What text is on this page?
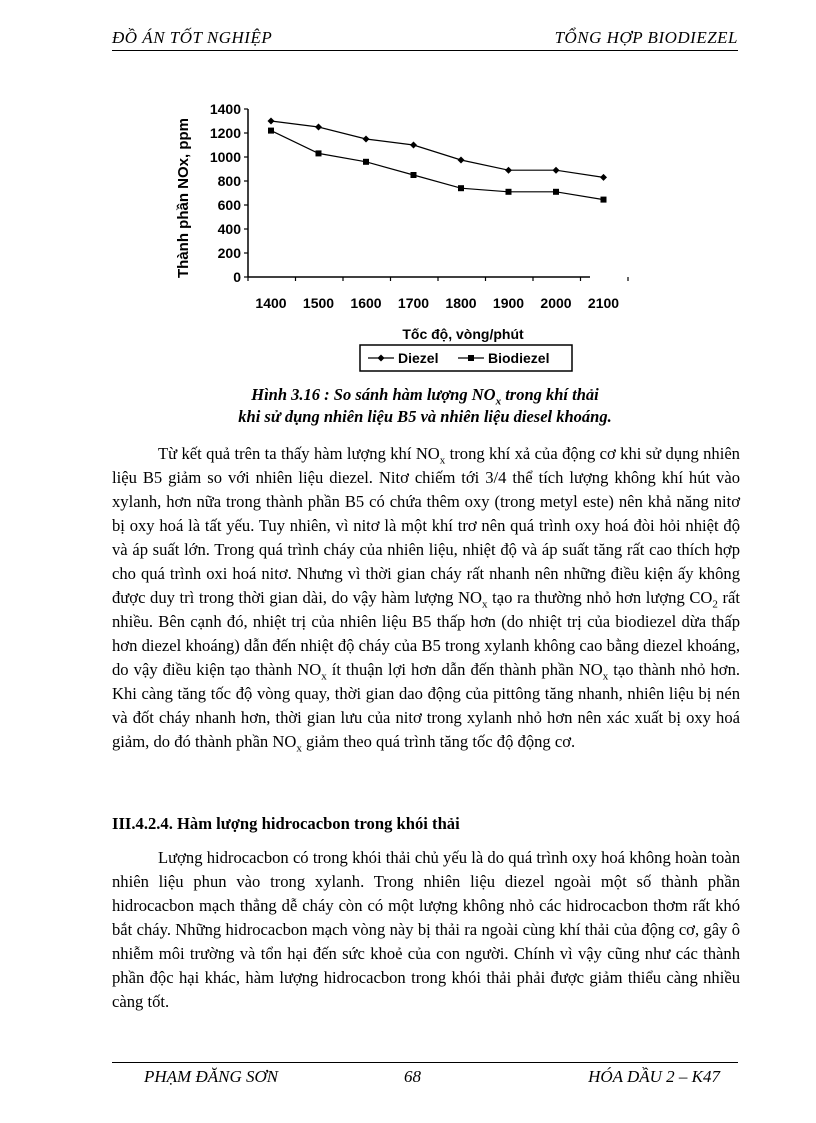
ĐỒ ÁN TỐT NGHIỆP	TỔNG HỢP BIODIEZEL
0
200
400
600
800
1000
1200
1400
1400 1500 1600 1700 1800 1900 2000 2100
Tốc độ, vòng/phút
Thành phần NOx, ppm
Diezel	Biodiezel
Hình 3.16 : So sánh hàm lượng $NO_x$ trong khí thải
khi sử dụng nhiên liệu B5 và nhiên liệu diesel khoáng.

Từ kết quả trên ta thấy hàm lượng khí $NO_x$ trong khí xả của động cơ khi sử dụng nhiên liệu B5 giảm so với nhiên liệu diezel. Nitơ chiếm tới 3/4 thể tích lượng không khí hút vào xylanh, hơn nữa trong thành phần B5 có chứa thêm oxy (trong metyl este) nên khả năng nitơ bị oxy hoá là tất yếu. Tuy nhiên, vì nitơ là một khí trơ nên quá trình oxy hoá đòi hỏi nhiệt độ và áp suất lớn. Trong quá trình cháy của nhiên liệu, nhiệt độ và áp suất tăng rất cao thích hợp cho quá trình oxi hoá nitơ. Nhưng vì thời gian cháy rất nhanh nên những điều kiện ấy không được duy trì trong thời gian dài, do vậy hàm lượng $NO_x$ tạo ra thường nhỏ hơn lượng $CO_2$ rất nhiều. Bên cạnh đó, nhiệt trị của nhiên liệu B5 thấp hơn (do nhiệt trị của biodiezel dừa thấp hơn diezel khoáng) dẫn đến nhiệt độ cháy của B5 trong xylanh không cao bằng diezel khoáng, do vậy điều kiện tạo thành $NO_x$ ít thuận lợi hơn dẫn đến thành phần $NO_x$ tạo thành nhỏ hơn. Khi càng tăng tốc độ vòng quay, thời gian dao động của pittông tăng nhanh, nhiên liệu bị nén và đốt cháy nhanh hơn, thời gian lưu của nitơ trong xylanh nhỏ hơn nên xác xuất bị oxy hoá giảm, do đó thành phần $NO_x$ giảm theo quá trình tăng tốc độ động cơ.

III.4.2.4. Hàm lượng hidrocacbon trong khói thải

Lượng hidrocacbon có trong khói thải chủ yếu là do quá trình oxy hoá không hoàn toàn nhiên liệu phun vào trong xylanh. Trong nhiên liệu diezel ngoài một số thành phần hidrocacbon mạch thẳng dễ cháy còn có một lượng không nhỏ các hidrocacbon thơm rất khó bắt cháy. Những hidrocacbon mạch vòng này bị thải ra ngoài cùng khí thải của động cơ, gây ô nhiễm môi trường và tổn hại đến sức khoẻ của con người. Chính vì vậy cũng như các thành phần độc hại khác, hàm lượng hidrocacbon trong khói thải phải được giảm thiểu càng nhiều càng tốt.

PHẠM ĐĂNG SƠN	68	HÓA DẦU 2 – K47
